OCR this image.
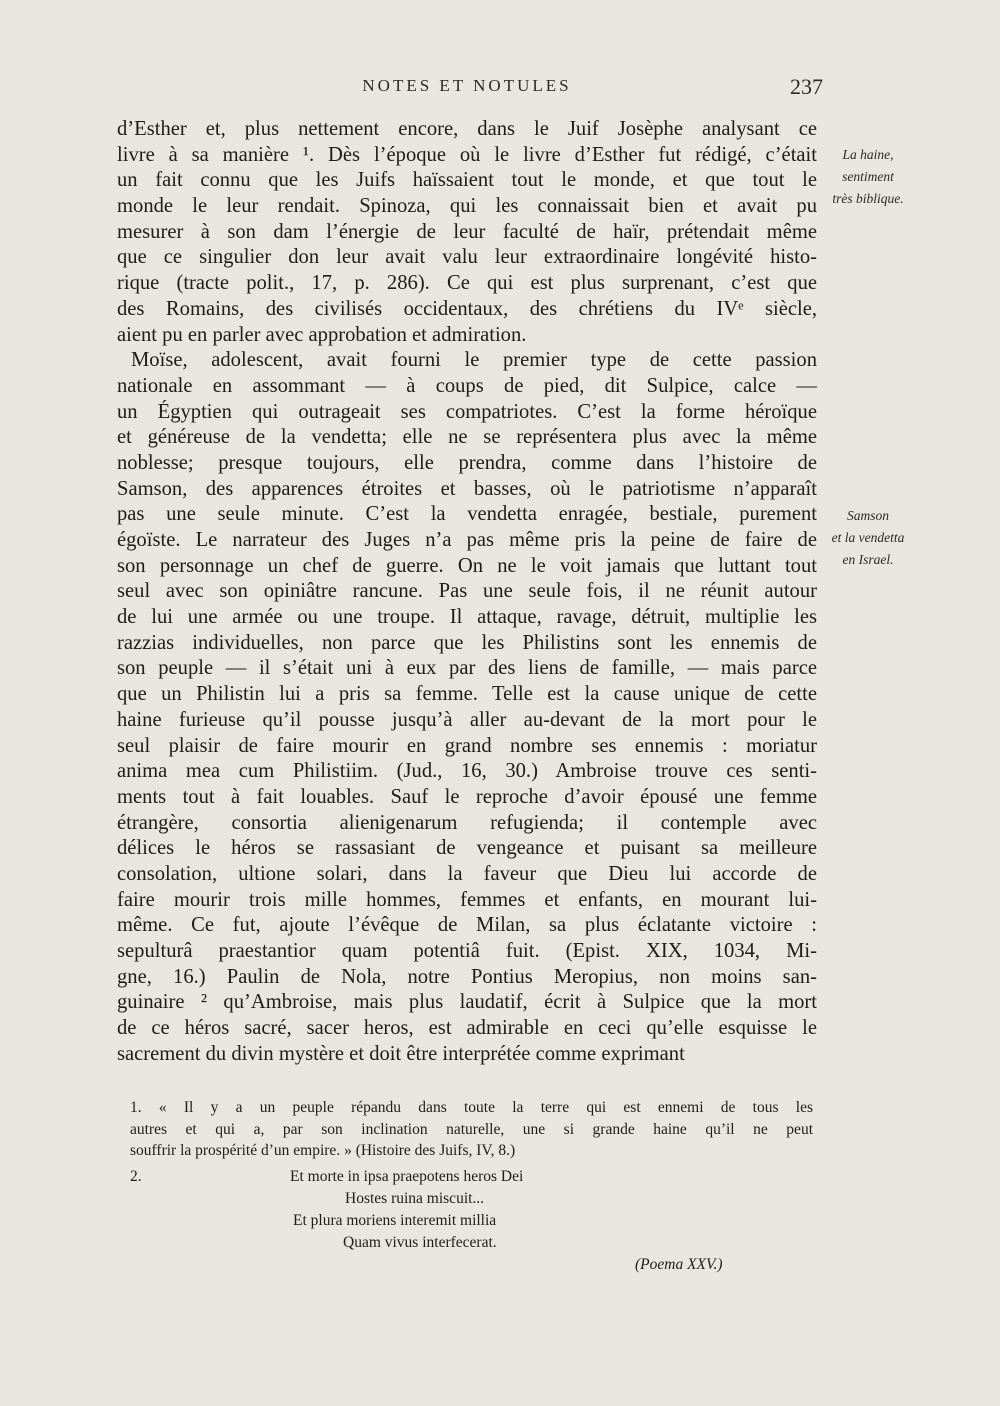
NOTES ET NOTULES	237
d’Esther et, plus nettement encore, dans le Juif Josèphe analysant ce
livre à sa manière ¹. Dès l’époque où le livre d’Esther fut rédigé, c’était
un fait connu que les Juifs haïssaient tout le monde, et que tout le
monde le leur rendait. Spinoza, qui les connaissait bien et avait pu
mesurer à son dam l’énergie de leur faculté de haïr, prétendait même
que ce singulier don leur avait valu leur extraordinaire longévité histo-
rique (tracte polit., 17, p. 286). Ce qui est plus surprenant, c’est que
des Romains, des civilisés occidentaux, des chrétiens du IVᵉ siècle,
aient pu en parler avec approbation et admiration.
Moïse, adolescent, avait fourni le premier type de cette passion
nationale en assommant — à coups de pied, dit Sulpice, calce —
un Égyptien qui outrageait ses compatriotes. C’est la forme héroïque
et généreuse de la vendetta; elle ne se représentera plus avec la même
noblesse; presque toujours, elle prendra, comme dans l’histoire de
Samson, des apparences étroites et basses, où le patriotisme n’apparaît
pas une seule minute. C’est la vendetta enragée, bestiale, purement
égoïste. Le narrateur des Juges n’a pas même pris la peine de faire de
son personnage un chef de guerre. On ne le voit jamais que luttant tout
seul avec son opiniâtre rancune. Pas une seule fois, il ne réunit autour
de lui une armée ou une troupe. Il attaque, ravage, détruit, multiplie les
razzias individuelles, non parce que les Philistins sont les ennemis de
son peuple — il s’était uni à eux par des liens de famille, — mais parce
que un Philistin lui a pris sa femme. Telle est la cause unique de cette
haine furieuse qu’il pousse jusqu’à aller au-devant de la mort pour le
seul plaisir de faire mourir en grand nombre ses ennemis : moriatur
anima mea cum Philistiim. (Jud., 16, 30.) Ambroise trouve ces senti-
ments tout à fait louables. Sauf le reproche d’avoir épousé une femme
étrangère, consortia alienigenarum refugienda; il contemple avec
délices le héros se rassasiant de vengeance et puisant sa meilleure
consolation, ultione solari, dans la faveur que Dieu lui accorde de
faire mourir trois mille hommes, femmes et enfants, en mourant lui-
même. Ce fut, ajoute l’évêque de Milan, sa plus éclatante victoire :
sepulturâ praestantior quam potentiâ fuit. (Epist. XIX, 1034, Mi-
gne, 16.) Paulin de Nola, notre Pontius Meropius, non moins san-
guinaire ² qu’Ambroise, mais plus laudatif, écrit à Sulpice que la mort
de ce héros sacré, sacer heros, est admirable en ceci qu’elle esquisse le
sacrement du divin mystère et doit être interprétée comme exprimant
La haine,
sentiment
très biblique.
Samson
et la vendetta
en Israel.
1. « Il y a un peuple répandu dans toute la terre qui est ennemi de tous les
autres et qui a, par son inclination naturelle, une si grande haine qu’il ne peut
souffrir la prospérité d’un empire. » (Histoire des Juifs, IV, 8.)
2.	Et morte in ipsa praepotens heros Dei
Hostes ruina miscuit...
Et plura moriens interemit millia
Quam vivus interfecerat.
(Poema XXV.)
